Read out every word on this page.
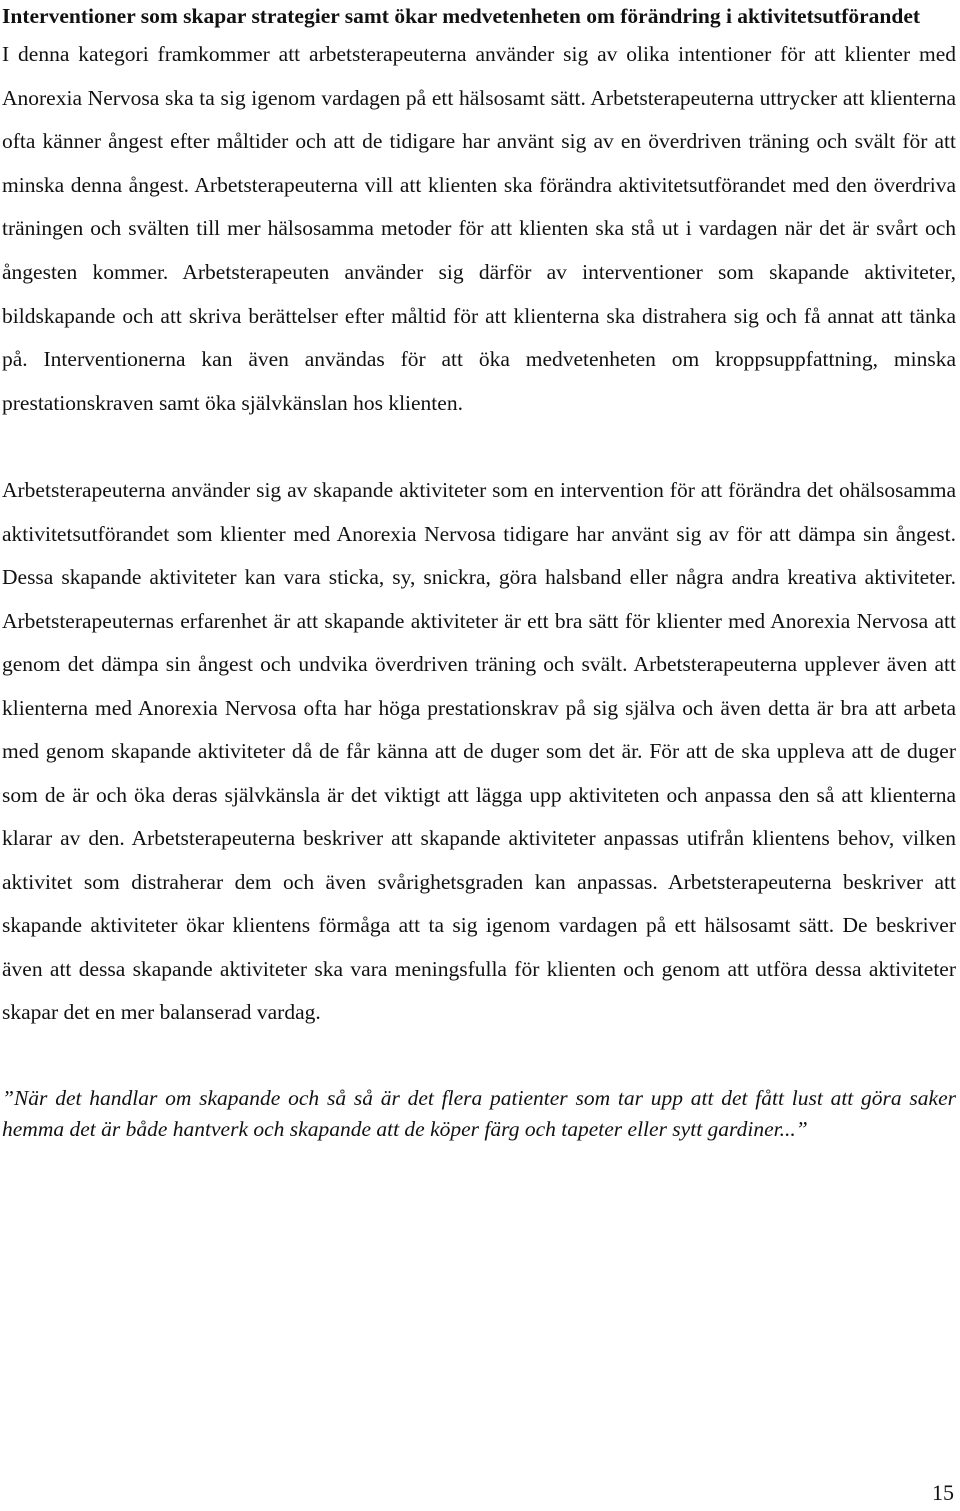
Interventioner som skapar strategier samt ökar medvetenheten om förändring i aktivitetsutförandet

I denna kategori framkommer att arbetsterapeuterna använder sig av olika intentioner för att klienter med Anorexia Nervosa ska ta sig igenom vardagen på ett hälsosamt sätt. Arbetsterapeuterna uttrycker att klienterna ofta känner ångest efter måltider och att de tidigare har använt sig av en överdriven träning och svält för att minska denna ångest. Arbetsterapeuterna vill att klienten ska förändra aktivitetsutförandet med den överdriva träningen och svälten till mer hälsosamma metoder för att klienten ska stå ut i vardagen när det är svårt och ångesten kommer. Arbetsterapeuten använder sig därför av interventioner som skapande aktiviteter, bildskapande och att skriva berättelser efter måltid för att klienterna ska distrahera sig och få annat att tänka på. Interventionerna kan även användas för att öka medvetenheten om kroppsuppfattning, minska prestationskraven samt öka självkänslan hos klienten.

Arbetsterapeuterna använder sig av skapande aktiviteter som en intervention för att förändra det ohälsosamma aktivitetsutförandet som klienter med Anorexia Nervosa tidigare har använt sig av för att dämpa sin ångest. Dessa skapande aktiviteter kan vara sticka, sy, snickra, göra halsband eller några andra kreativa aktiviteter. Arbetsterapeuternas erfarenhet är att skapande aktiviteter är ett bra sätt för klienter med Anorexia Nervosa att genom det dämpa sin ångest och undvika överdriven träning och svält. Arbetsterapeuterna upplever även att klienterna med Anorexia Nervosa ofta har höga prestationskrav på sig själva och även detta är bra att arbeta med genom skapande aktiviteter då de får känna att de duger som det är. För att de ska uppleva att de duger som de är och öka deras självkänsla är det viktigt att lägga upp aktiviteten och anpassa den så att klienterna klarar av den. Arbetsterapeuterna beskriver att skapande aktiviteter anpassas utifrån klientens behov, vilken aktivitet som distraherar dem och även svårighetsgraden kan anpassas. Arbetsterapeuterna beskriver att skapande aktiviteter ökar klientens förmåga att ta sig igenom vardagen på ett hälsosamt sätt. De beskriver även att dessa skapande aktiviteter ska vara meningsfulla för klienten och genom att utföra dessa aktiviteter skapar det en mer balanserad vardag.

”När det handlar om skapande och så så är det flera patienter som tar upp att det fått lust att göra saker hemma det är både hantverk och skapande att de köper färg och tapeter eller sytt gardiner...”

15
